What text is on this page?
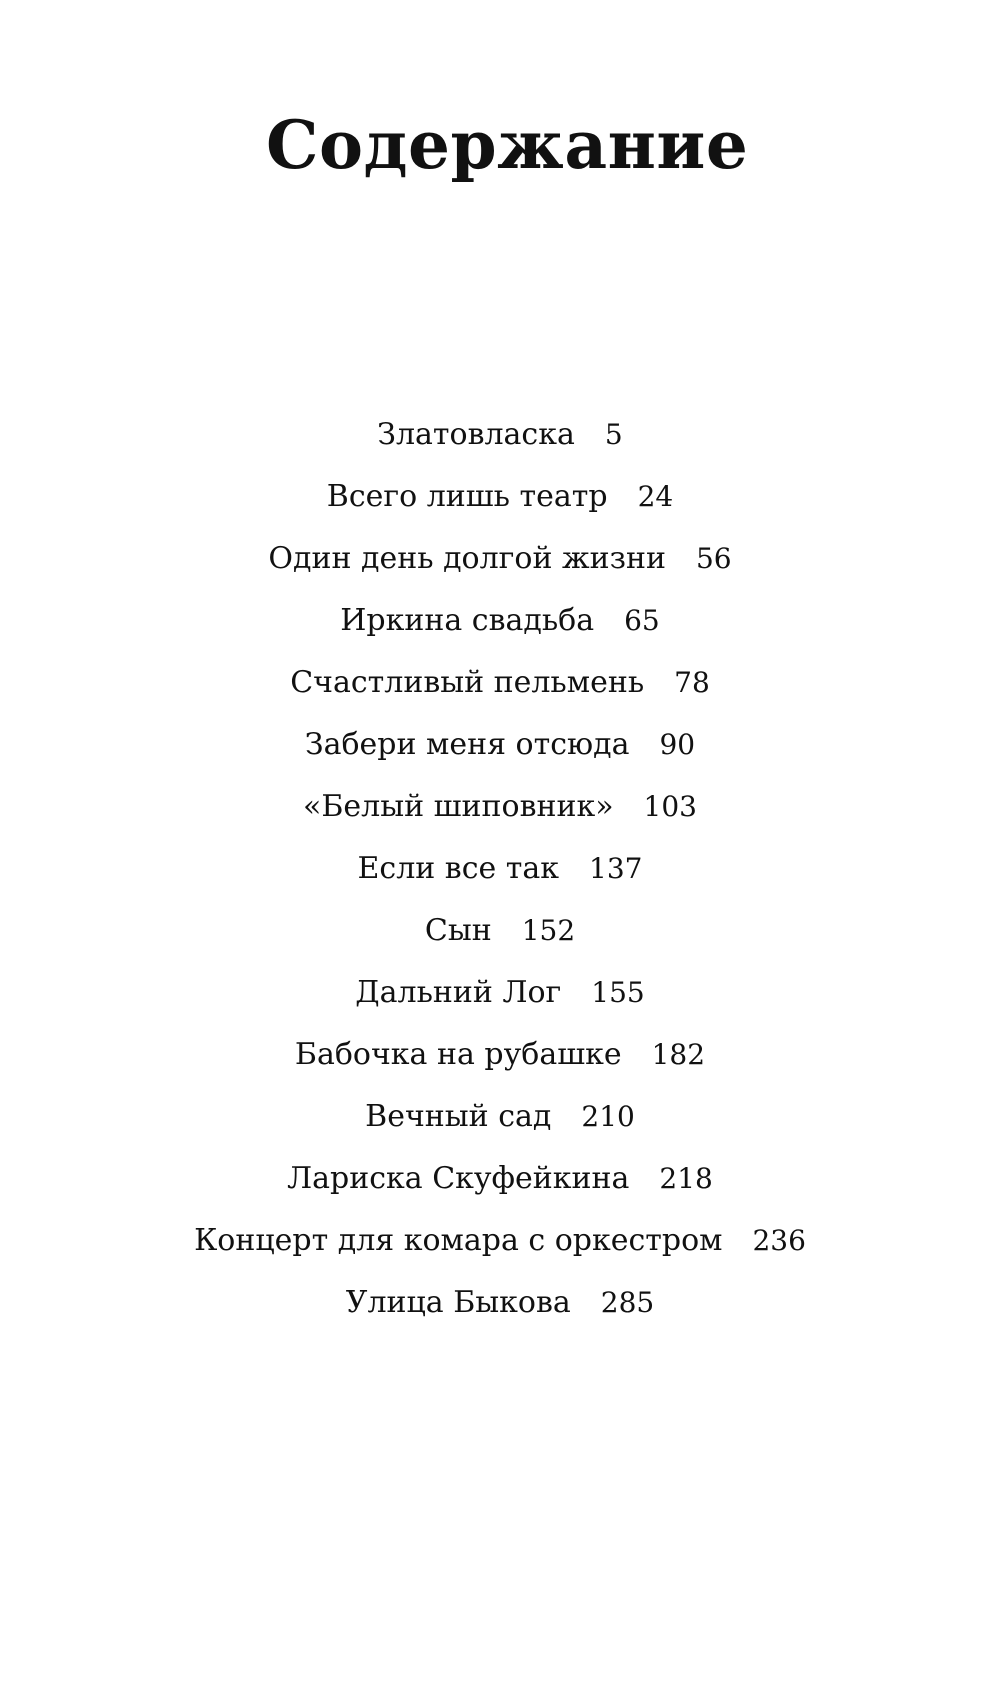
Содержание
Златовласка 5
Всего лишь театр 24
Один день долгой жизни 56
Иркина свадьба 65
Счастливый пельмень 78
Забери меня отсюда 90
«Белый шиповник» 103
Если все так 137
Сын 152
Дальний Лог 155
Бабочка на рубашке 182
Вечный сад 210
Лариска Скуфейкина 218
Концерт для комара с оркестром 236
Улица Быкова 285
